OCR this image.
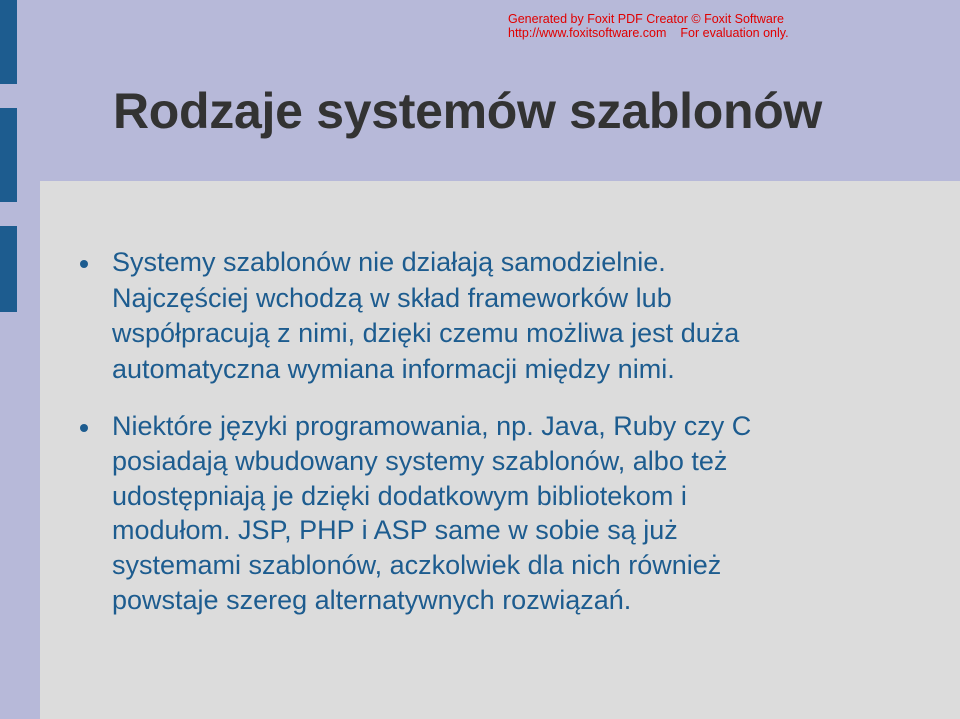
Generated by Foxit PDF Creator © Foxit Software
http://www.foxitsoftware.com For evaluation only.
Rodzaje systemów szablonów
Systemy szablonów nie działają samodzielnie.
Najczęściej wchodzą w skład frameworków lub
współpracują z nimi, dzięki czemu możliwa jest duża
automatyczna wymiana informacji między nimi.
Niektóre języki programowania, np. Java, Ruby czy C
posiadają wbudowany systemy szablonów, albo też
udostępniają je dzięki dodatkowym bibliotekom i
modułom. JSP, PHP i ASP same w sobie są już
systemami szablonów, aczkolwiek dla nich również
powstaje szereg alternatywnych rozwiązań.
